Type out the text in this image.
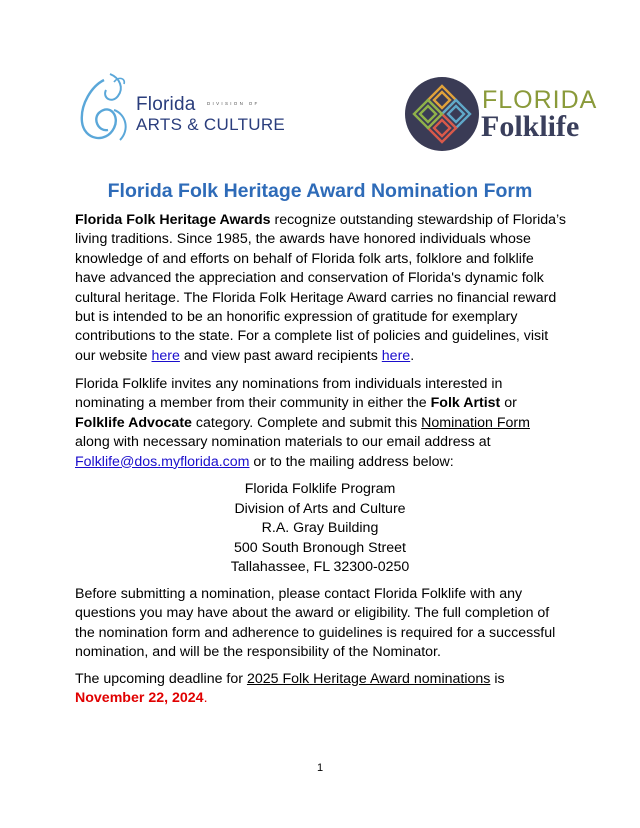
Florida	DIVISION OF
ARTS & CULTURE
FLORIDA
Folklife
Florida Folk Heritage Award Nomination Form

Florida Folk Heritage Awards recognize outstanding stewardship of Florida’s living traditions. Since 1985, the awards have honored individuals whose knowledge of and efforts on behalf of Florida folk arts, folklore and folklife have advanced the appreciation and conservation of Florida's dynamic folk cultural heritage. The Florida Folk Heritage Award carries no financial reward but is intended to be an honorific expression of gratitude for exemplary contributions to the state. For a complete list of policies and guidelines, visit our website here and view past award recipients here.

Florida Folklife invites any nominations from individuals interested in nominating a member from their community in either the Folk Artist or Folklife Advocate category. Complete and submit this Nomination Form along with necessary nomination materials to our email address at Folklife@dos.myflorida.com or to the mailing address below:

Florida Folklife Program
Division of Arts and Culture
R.A. Gray Building
500 South Bronough Street
Tallahassee, FL 32300-0250

Before submitting a nomination, please contact Florida Folklife with any questions you may have about the award or eligibility. The full completion of the nomination form and adherence to guidelines is required for a successful nomination, and will be the responsibility of the Nominator.

The upcoming deadline for 2025 Folk Heritage Award nominations is November 22, 2024.

1
